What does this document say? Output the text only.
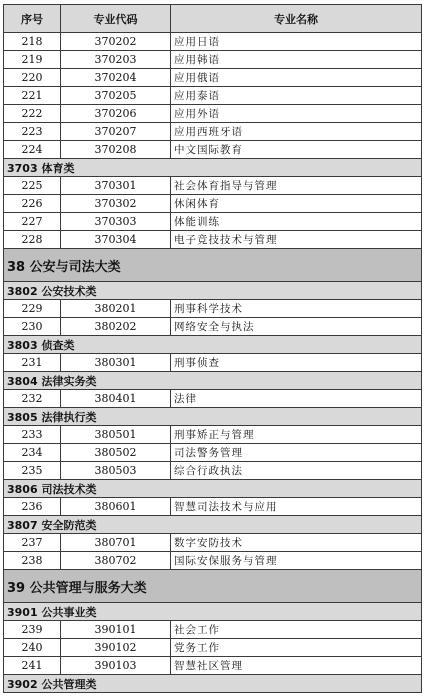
序号	专业代码	专业名称
218	370202	应用日语
219	370203	应用韩语
220	370204	应用俄语
221	370205	应用泰语
222	370206	应用外语
223	370207	应用西班牙语
224	370208	中文国际教育
3703 体育类		
225	370301	社会体育指导与管理
226	370302	休闲体育
227	370303	体能训练
228	370304	电子竞技技术与管理
38 公安与司法大类		
3802 公安技术类		
229	380201	刑事科学技术
230	380202	网络安全与执法
3803 侦查类		
231	380301	刑事侦查
3804 法律实务类		
232	380401	法律
3805 法律执行类		
233	380501	刑事矫正与管理
234	380502	司法警务管理
235	380503	综合行政执法
3806 司法技术类		
236	380601	智慧司法技术与应用
3807 安全防范类		
237	380701	数字安防技术
238	380702	国际安保服务与管理
39 公共管理与服务大类		
3901 公共事业类		
239	390101	社会工作
240	390102	党务工作
241	390103	智慧社区管理
3902 公共管理类		
